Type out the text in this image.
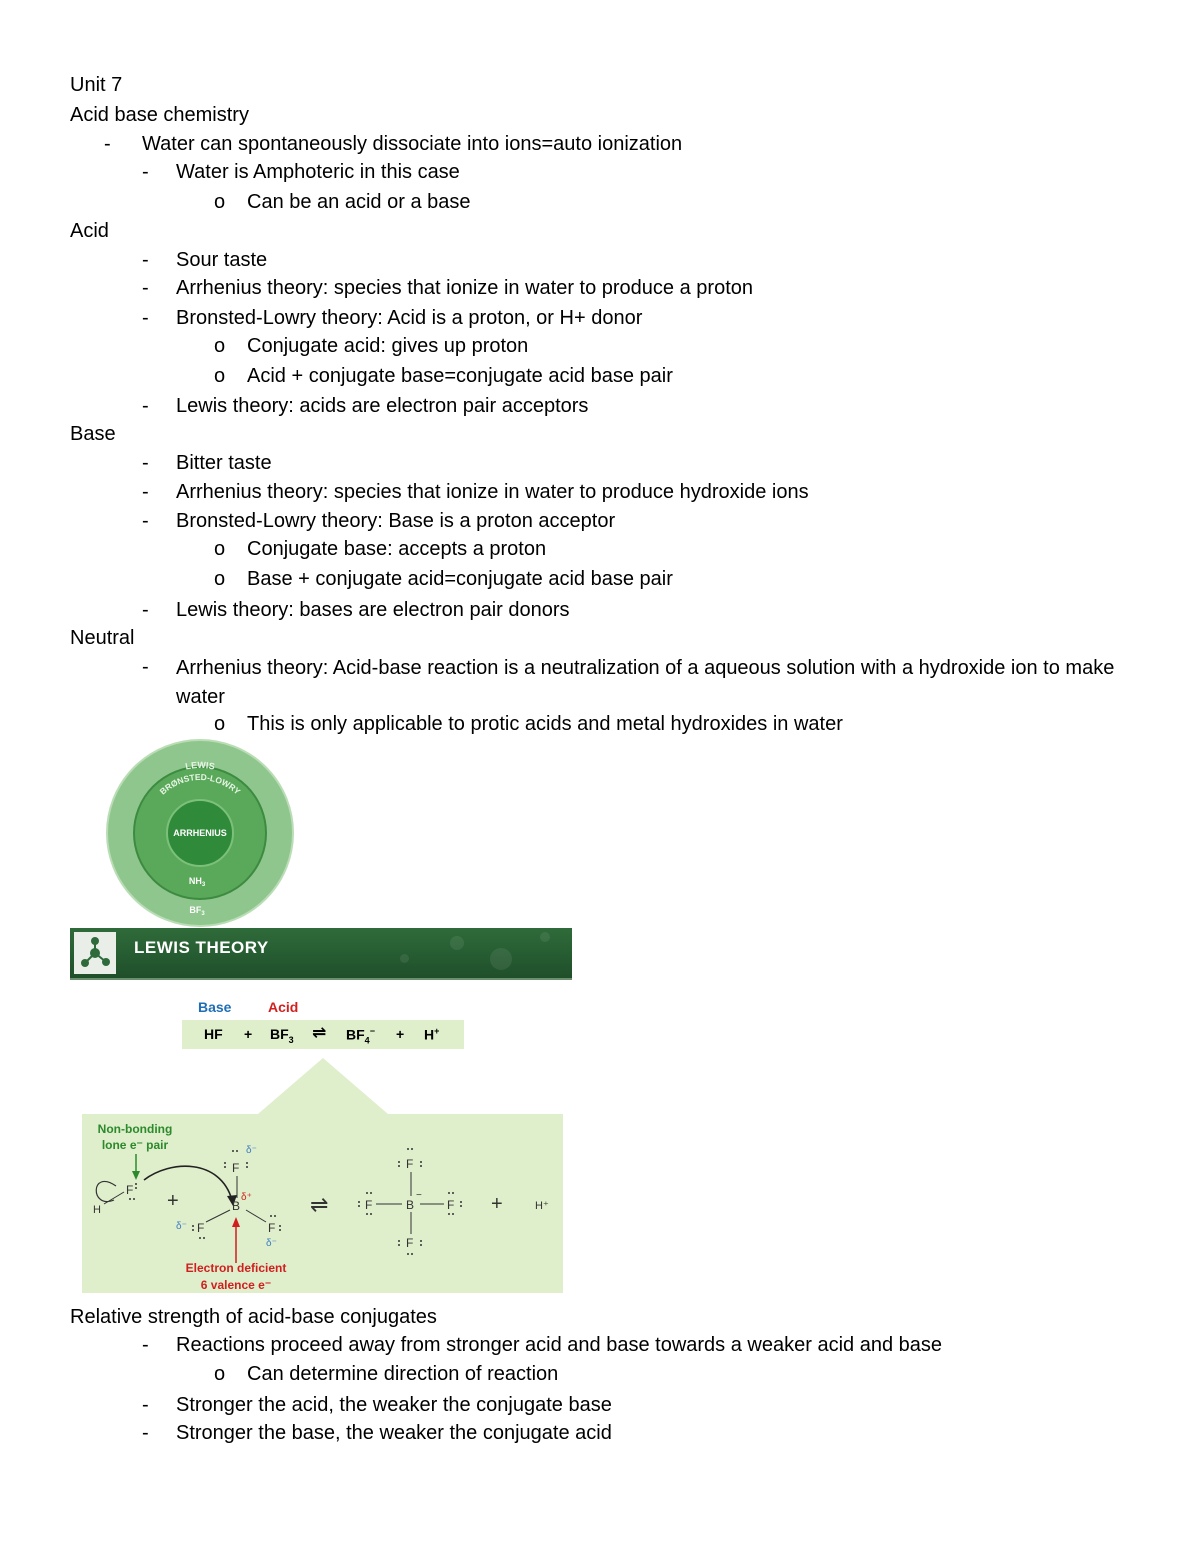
Unit 7
Acid base chemistry
- Water can spontaneously dissociate into ions=auto ionization
- Water is Amphoteric in this case
o Can be an acid or a base
Acid
- Sour taste
- Arrhenius theory: species that ionize in water to produce a proton
- Bronsted-Lowry theory: Acid is a proton, or H+ donor
o Conjugate acid: gives up proton
o Acid + conjugate base=conjugate acid base pair
- Lewis theory: acids are electron pair acceptors
Base
- Bitter taste
- Arrhenius theory: species that ionize in water to produce hydroxide ions
- Bronsted-Lowry theory: Base is a proton acceptor
o Conjugate base: accepts a proton
o Base + conjugate acid=conjugate acid base pair
- Lewis theory: bases are electron pair donors
Neutral
- Arrhenius theory: Acid-base reaction is a neutralization of a aqueous solution with a hydroxide ion to make water
o This is only applicable to protic acids and metal hydroxides in water
LEWIS
BRØNSTED-LOWRY
ARRHENIUS
$NH_3$
$BF_3$
LEWIS THEORY
Base	Acid
HF + $BF_3$ ⇌ $BF_4^- + H^+$
Non-bonding
lone e⁻ pair
H
F +
F
δ⁻
B
δ⁺
F
δ⁻	F
δ⁻
Electron deficient
6 valence e⁻
⇌
F
B
−
F	F
F
+	H⁺
Relative strength of acid-base conjugates
- Reactions proceed away from stronger acid and base towards a weaker acid and base
o Can determine direction of reaction
- Stronger the acid, the weaker the conjugate base
- Stronger the base, the weaker the conjugate acid
